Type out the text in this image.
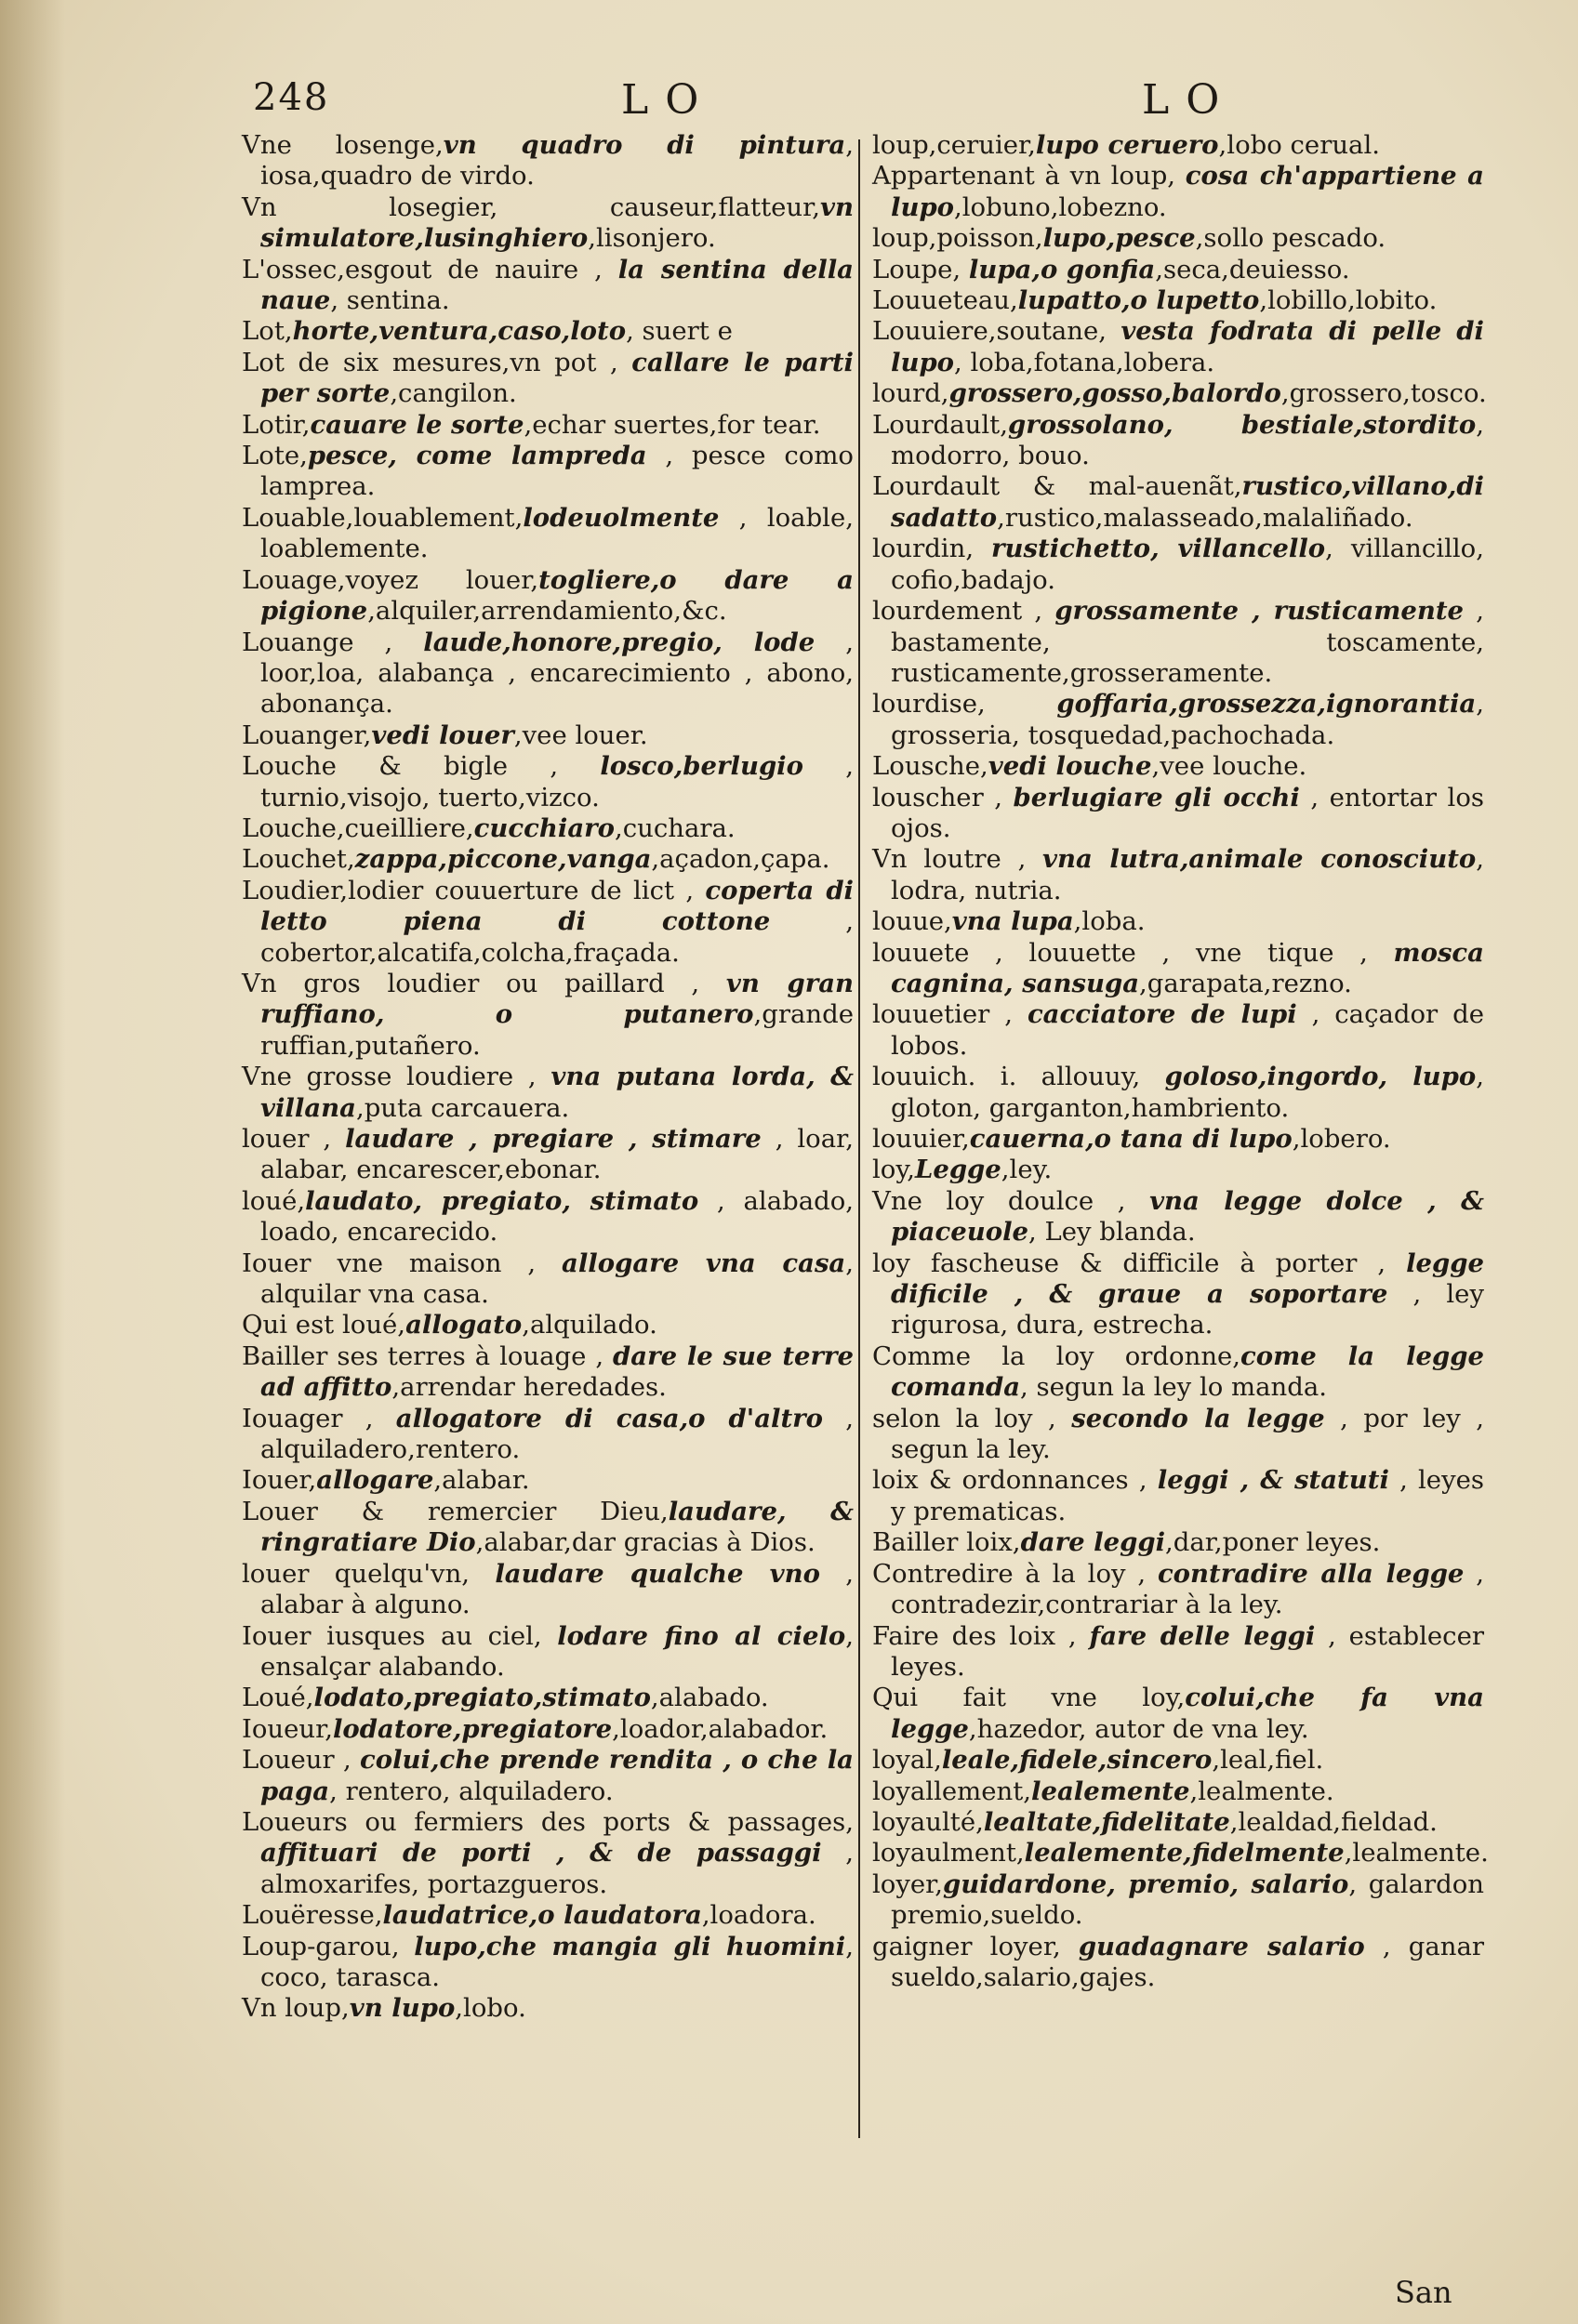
248	L O	L O

Vne losenge,vn quadro di pintura, iosa,quadro de virdo.

Vn losegier, causeur,flatteur,vn simulatore,lusinghiero,lisonjero.

L'ossec,esgout de nauire , la sentina della naue, sentina.

Lot,horte,ventura,caso,loto, suert e

Lot de six mesures,vn pot , callare le parti per sorte,cangilon.

Lotir,cauare le sorte,echar suertes,for tear.

Lote,pesce, come lampreda , pesce como lamprea.

Louable,louablement,lodeuolmente , loable, loablemente.

Louage,voyez louer,togliere,o dare a pigione,alquiler,arrendamiento,&c.

Louange , laude,honore,pregio, lode , loor,loa, alabança , encarecimiento , abono, abonança.

Louanger,vedi louer,vee louer.

Louche & bigle , losco,berlugio , turnio,visojo, tuerto,vizco.

Louche,cueilliere,cucchiaro,cuchara.

Louchet,zappa,piccone,vanga,açadon,çapa.

Loudier,lodier couuerture de lict , coperta di letto piena di cottone , cobertor,alcatifa,colcha,fraçada.

Vn gros loudier ou paillard , vn gran ruffiano, o putanero,grande ruffian,putañero.

Vne grosse loudiere , vna putana lorda, & villana,puta carcauera.

louer , laudare , pregiare , stimare , loar, alabar, encarescer,ebonar.

loué,laudato, pregiato, stimato , alabado, loado, encarecido.

Iouer vne maison , allogare vna casa, alquilar vna casa.

Qui est loué,allogato,alquilado.

Bailler ses terres à louage , dare le sue terre ad affitto,arrendar heredades.

Iouager , allogatore di casa,o d'altro , alquiladero,rentero.

Iouer,allogare,alabar.

Louer & remercier Dieu,laudare, & ringratiare Dio,alabar,dar gracias à Dios.

louer quelqu'vn, laudare qualche vno , alabar à alguno.

Iouer iusques au ciel, lodare fino al cielo, ensalçar alabando.

Loué,lodato,pregiato,stimato,alabado.

Ioueur,lodatore,pregiatore,loador,alabador.

Loueur , colui,che prende rendita , o che la paga, rentero, alquiladero.

Loueurs ou fermiers des ports & passages, affituari de porti , & de passaggi , almoxarifes, portazgueros.

Louëresse,laudatrice,o laudatora,loadora.

Loup-garou, lupo,che mangia gli huomini, coco, tarasca.

Vn loup,vn lupo,lobo.

loup,ceruier,lupo ceruero,lobo cerual.

Appartenant à vn loup, cosa ch'appartiene a lupo,lobuno,lobezno.

loup,poisson,lupo,pesce,sollo pescado.

Loupe, lupa,o gonfia,seca,deuiesso.

Louueteau,lupatto,o lupetto,lobillo,lobito.

Louuiere,soutane, vesta fodrata di pelle di lupo, loba,fotana,lobera.

lourd,grossero,gosso,balordo,grossero,tosco.

Lourdault,grossolano, bestiale,stordito, modorro, bouo.

Lourdault & mal-auenãt,rustico,villano,di sadatto,rustico,malasseado,malaliñado.

lourdin, rustichetto, villancello, villancillo, cofio,badajo.

lourdement , grossamente , rusticamente , bastamente, toscamente, rusticamente,grosseramente.

lourdise, goffaria,grossezza,ignorantia, grosseria, tosquedad,pachochada.

Lousche,vedi louche,vee louche.

louscher , berlugiare gli occhi , entortar los ojos.

Vn loutre , vna lutra,animale conosciuto, lodra, nutria.

louue,vna lupa,loba.

louuete , louuette , vne tique , mosca cagnina, sansuga,garapata,rezno.

louuetier , cacciatore de lupi , caçador de lobos.

louuich. i. allouuy, goloso,ingordo, lupo, gloton, garganton,hambriento.

louuier,cauerna,o tana di lupo,lobero.

loy,Legge,ley.

Vne loy doulce , vna legge dolce , & piaceuole, Ley blanda.

loy fascheuse & difficile à porter , legge dificile , & graue a soportare , ley rigurosa, dura, estrecha.

Comme la loy ordonne,come la legge comanda, segun la ley lo manda.

selon la loy , secondo la legge , por ley , segun la ley.

loix & ordonnances , leggi , & statuti , leyes y prematicas.

Bailler loix,dare leggi,dar,poner leyes.

Contredire à la loy , contradire alla legge , contradezir,contrariar à la ley.

Faire des loix , fare delle leggi , establecer leyes.

Qui fait vne loy,colui,che fa vna legge,hazedor, autor de vna ley.

loyal,leale,fidele,sincero,leal,fiel.

loyallement,lealemente,lealmente.

loyaulté,lealtate,fidelitate,lealdad,fieldad.

loyaulment,lealemente,fidelmente,lealmente.

loyer,guidardone, premio, salario, galardon premio,sueldo.

gaigner loyer, guadagnare salario , ganar sueldo,salario,gajes.

San
